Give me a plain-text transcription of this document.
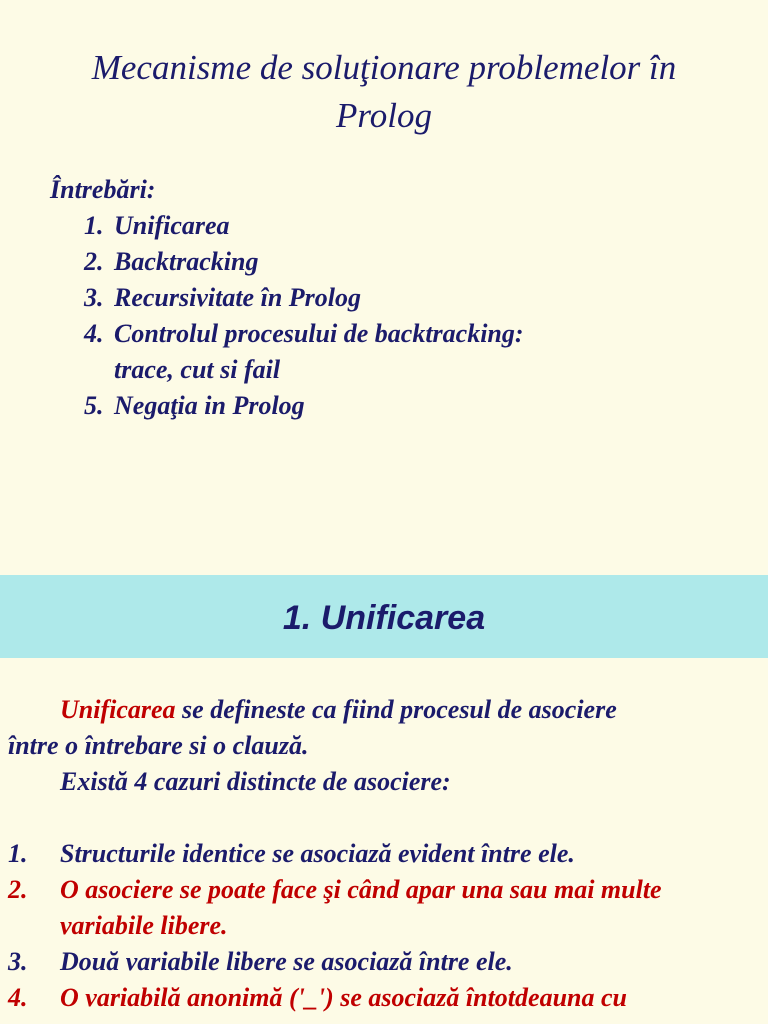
Mecanisme de soluţionare problemelor în
Prolog
Întrebări:
1. Unificarea
2. Backtracking
3. Recursivitate în Prolog
4. Controlul procesului de backtracking:
trace, cut si fail
5. Negaţia in Prolog
1. Unificarea
Unificarea se defineste ca fiind procesul de asociere
între o întrebare si o clauză.
Există 4 cazuri distincte de asociere:
1. Structurile identice se asociază evident între ele.
2. O asociere se poate face şi când apar una sau mai multe variabile libere.
3. Două variabile libere se asociază între ele.
4. O variabilă anonimă ('_') se asociază întotdeauna cu
